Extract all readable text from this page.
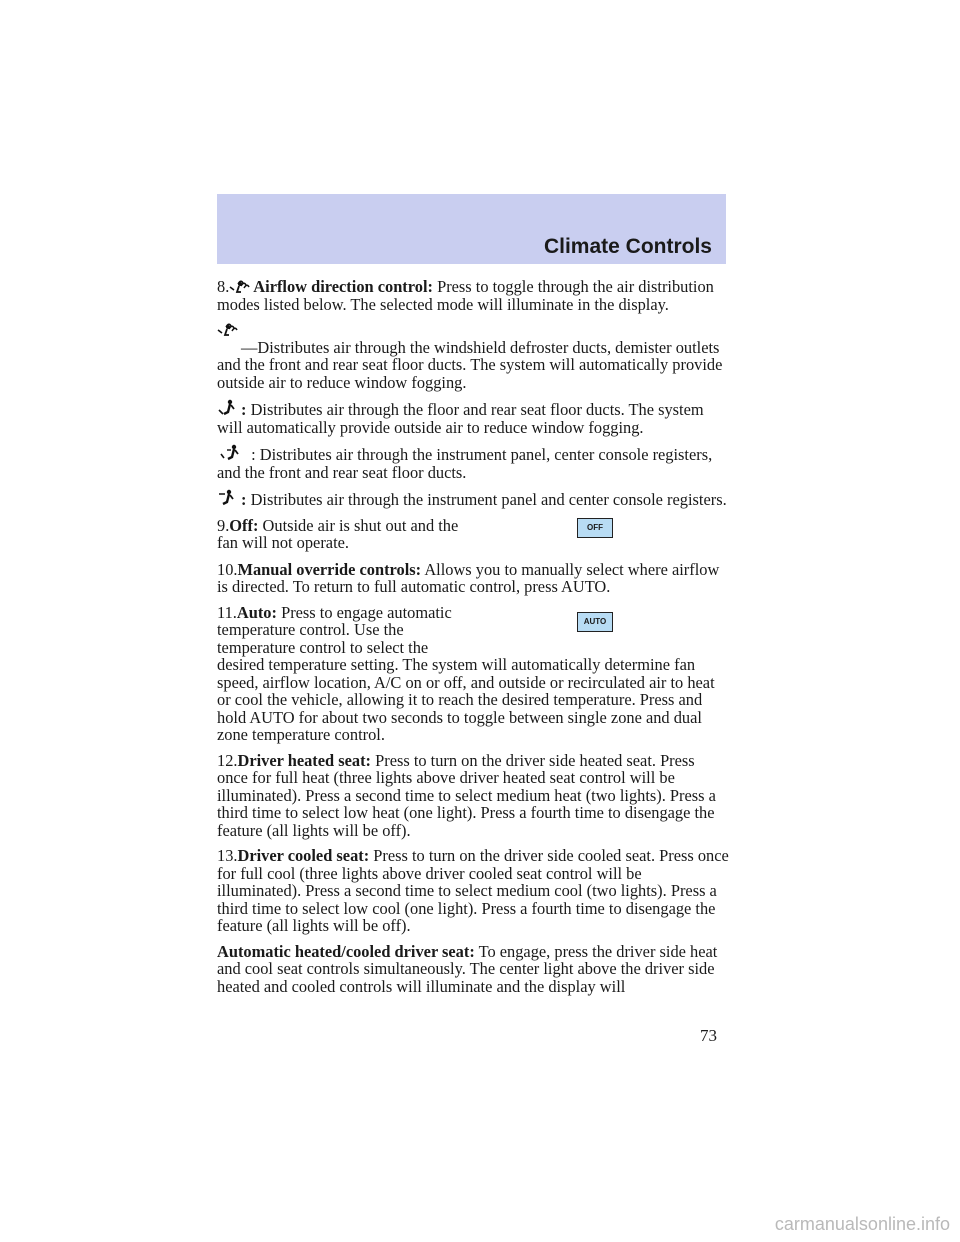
Climate Controls

8. Airflow direction control: Press to toggle through the air distribution modes listed below. The selected mode will illuminate in the display.

—Distributes air through the windshield defroster ducts, demister outlets and the front and rear seat floor ducts. The system will automatically provide outside air to reduce window fogging.

: Distributes air through the floor and rear seat floor ducts. The system will automatically provide outside air to reduce window fogging.

: Distributes air through the instrument panel, center console registers, and the front and rear seat floor ducts.

: Distributes air through the instrument panel and center console registers.

9.Off: Outside air is shut out and the fan will not operate.
OFF

10.Manual override controls: Allows you to manually select where airflow is directed. To return to full automatic control, press AUTO.

11.Auto: Press to engage automatic temperature control. Use the temperature control to select the
AUTO

desired temperature setting. The system will automatically determine fan speed, airflow location, A/C on or off, and outside or recirculated air to heat or cool the vehicle, allowing it to reach the desired temperature. Press and hold AUTO for about two seconds to toggle between single zone and dual zone temperature control.

12.Driver heated seat: Press to turn on the driver side heated seat. Press once for full heat (three lights above driver heated seat control will be illuminated). Press a second time to select medium heat (two lights). Press a third time to select low heat (one light). Press a fourth time to disengage the feature (all lights will be off).

13.Driver cooled seat: Press to turn on the driver side cooled seat. Press once for full cool (three lights above driver cooled seat control will be illuminated). Press a second time to select medium cool (two lights). Press a third time to select low cool (one light). Press a fourth time to disengage the feature (all lights will be off).

Automatic heated/cooled driver seat: To engage, press the driver side heat and cool seat controls simultaneously. The center light above the driver side heated and cooled controls will illuminate and the display will

73
carmanualsonline.info
